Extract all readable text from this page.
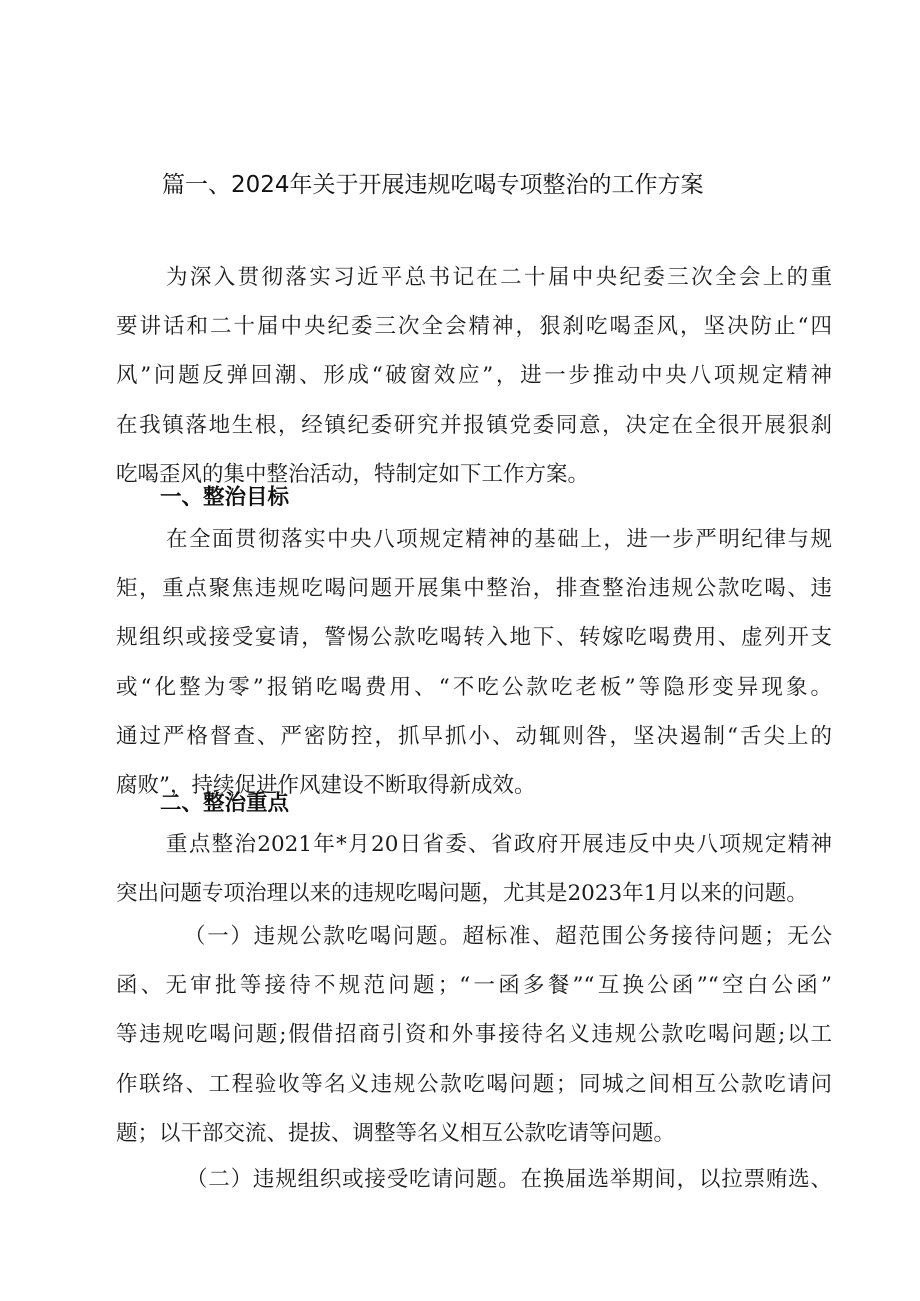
篇一、2024年关于开展违规吃喝专项整治的工作方案
为深入贯彻落实习近平总书记在二十届中央纪委三次全会上的重
要讲话和二十届中央纪委三次全会精神，狠刹吃喝歪风，坚决防止“四
风”问题反弹回潮、形成“破窗效应”，进一步推动中央八项规定精神
在我镇落地生根，经镇纪委研究并报镇党委同意，决定在全很开展狠刹
吃喝歪风的集中整治活动，特制定如下工作方案。
一、整治目标
在全面贯彻落实中央八项规定精神的基础上，进一步严明纪律与规
矩，重点聚焦违规吃喝问题开展集中整治，排查整治违规公款吃喝、违
规组织或接受宴请，警惕公款吃喝转入地下、转嫁吃喝费用、虚列开支
或“化整为零”报销吃喝费用、“不吃公款吃老板”等隐形变异现象。
通过严格督查、严密防控，抓早抓小、动辄则咎，坚决遏制“舌尖上的
腐败”，持续促进作风建设不断取得新成效。
二、整治重点
重点整治2021年*月20日省委、省政府开展违反中央八项规定精神
突出问题专项治理以来的违规吃喝问题，尤其是2023年1月以来的问题。
（一）违规公款吃喝问题。超标准、超范围公务接待问题；无公
函、无审批等接待不规范问题；“一函多餐”“互换公函”“空白公函”
等违规吃喝问题;假借招商引资和外事接待名义违规公款吃喝问题;以工
作联络、工程验收等名义违规公款吃喝问题；同城之间相互公款吃请问
题；以干部交流、提拔、调整等名义相互公款吃请等问题。
（二）违规组织或接受吃请问题。在换届选举期间，以拉票贿选、
